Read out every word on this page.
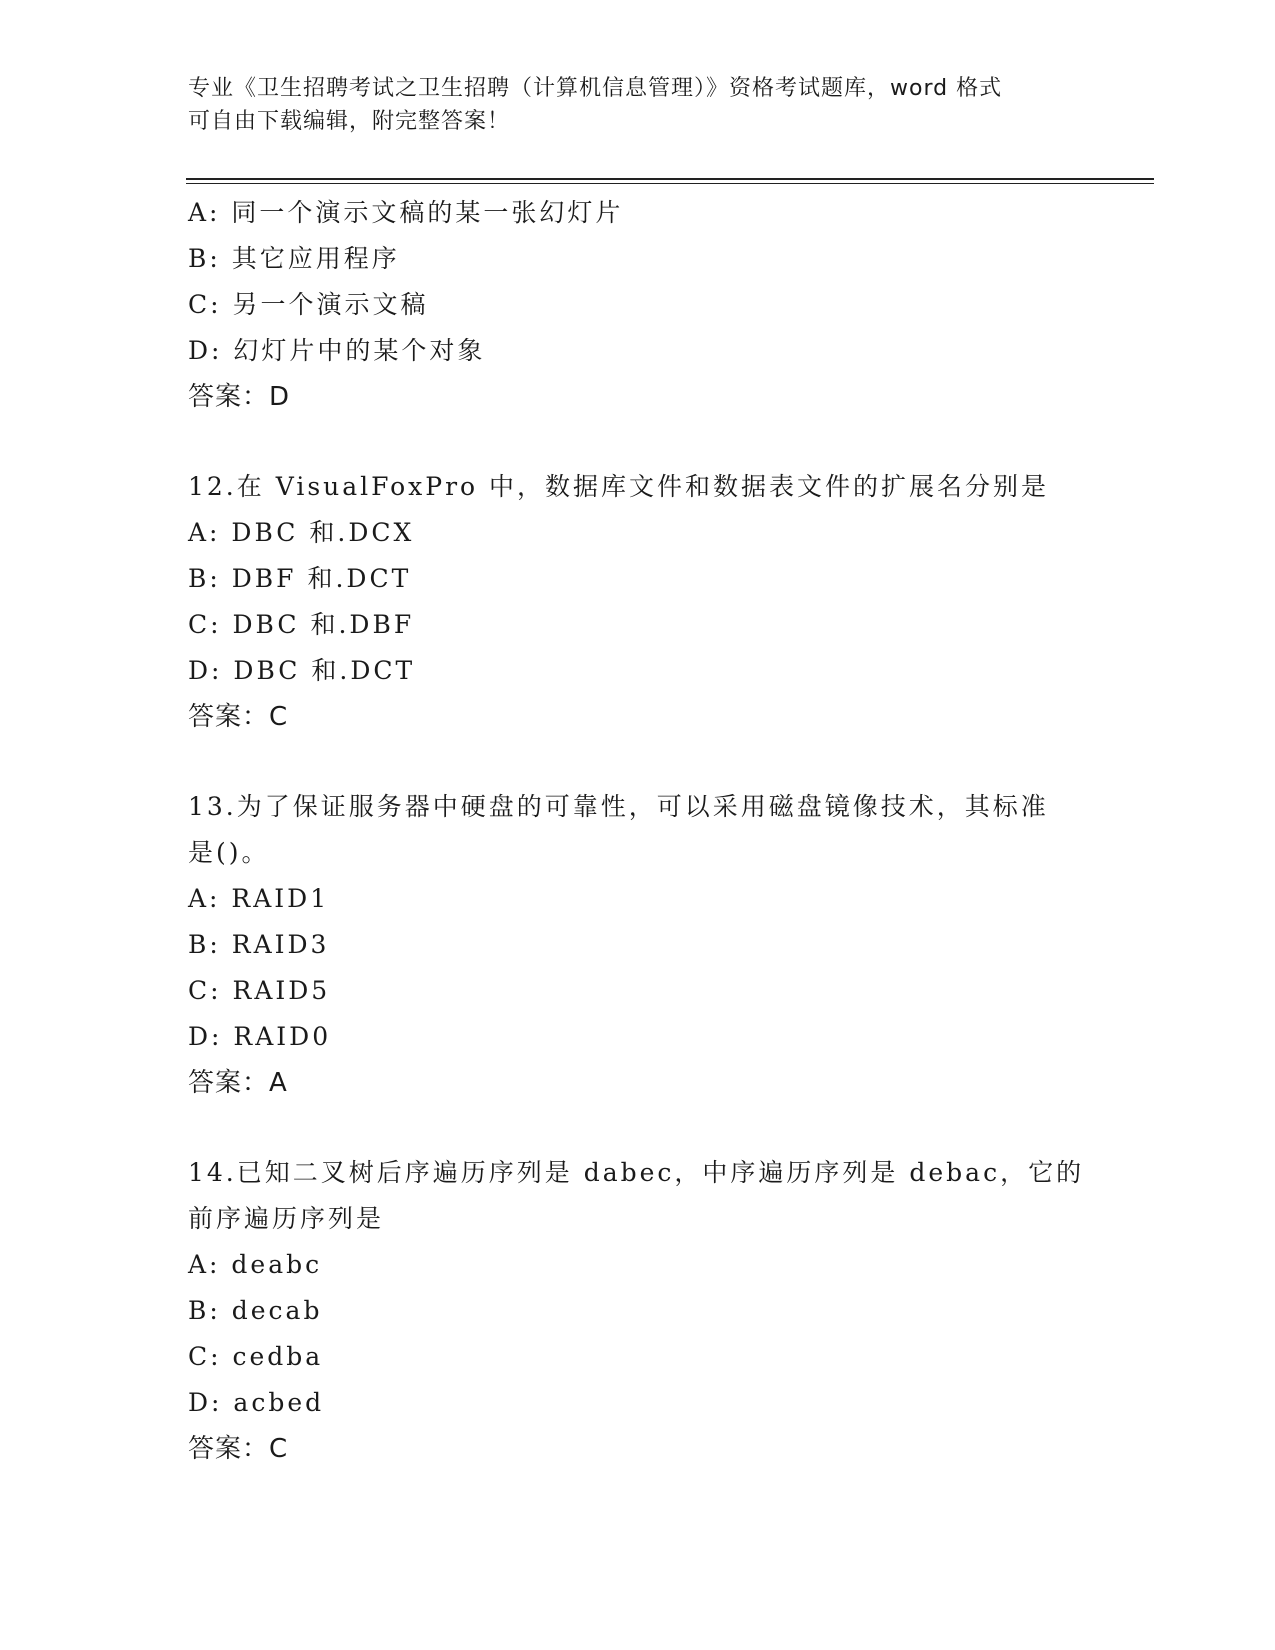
专业《卫生招聘考试之卫生招聘（计算机信息管理）》资格考试题库，word 格式
可自由下载编辑，附完整答案！
A: 同一个演示文稿的某一张幻灯片
B: 其它应用程序
C: 另一个演示文稿
D: 幻灯片中的某个对象
答案：D
12.在 VisualFoxPro 中，数据库文件和数据表文件的扩展名分别是
A: DBC 和.DCX
B: DBF 和.DCT
C: DBC 和.DBF
D: DBC 和.DCT
答案：C
13.为了保证服务器中硬盘的可靠性，可以采用磁盘镜像技术，其标准
是()。
A: RAID1
B: RAID3
C: RAID5
D: RAID0
答案：A
14.已知二叉树后序遍历序列是 dabec，中序遍历序列是 debac，它的
前序遍历序列是
A: deabc
B: decab
C: cedba
D: acbed
答案：C
